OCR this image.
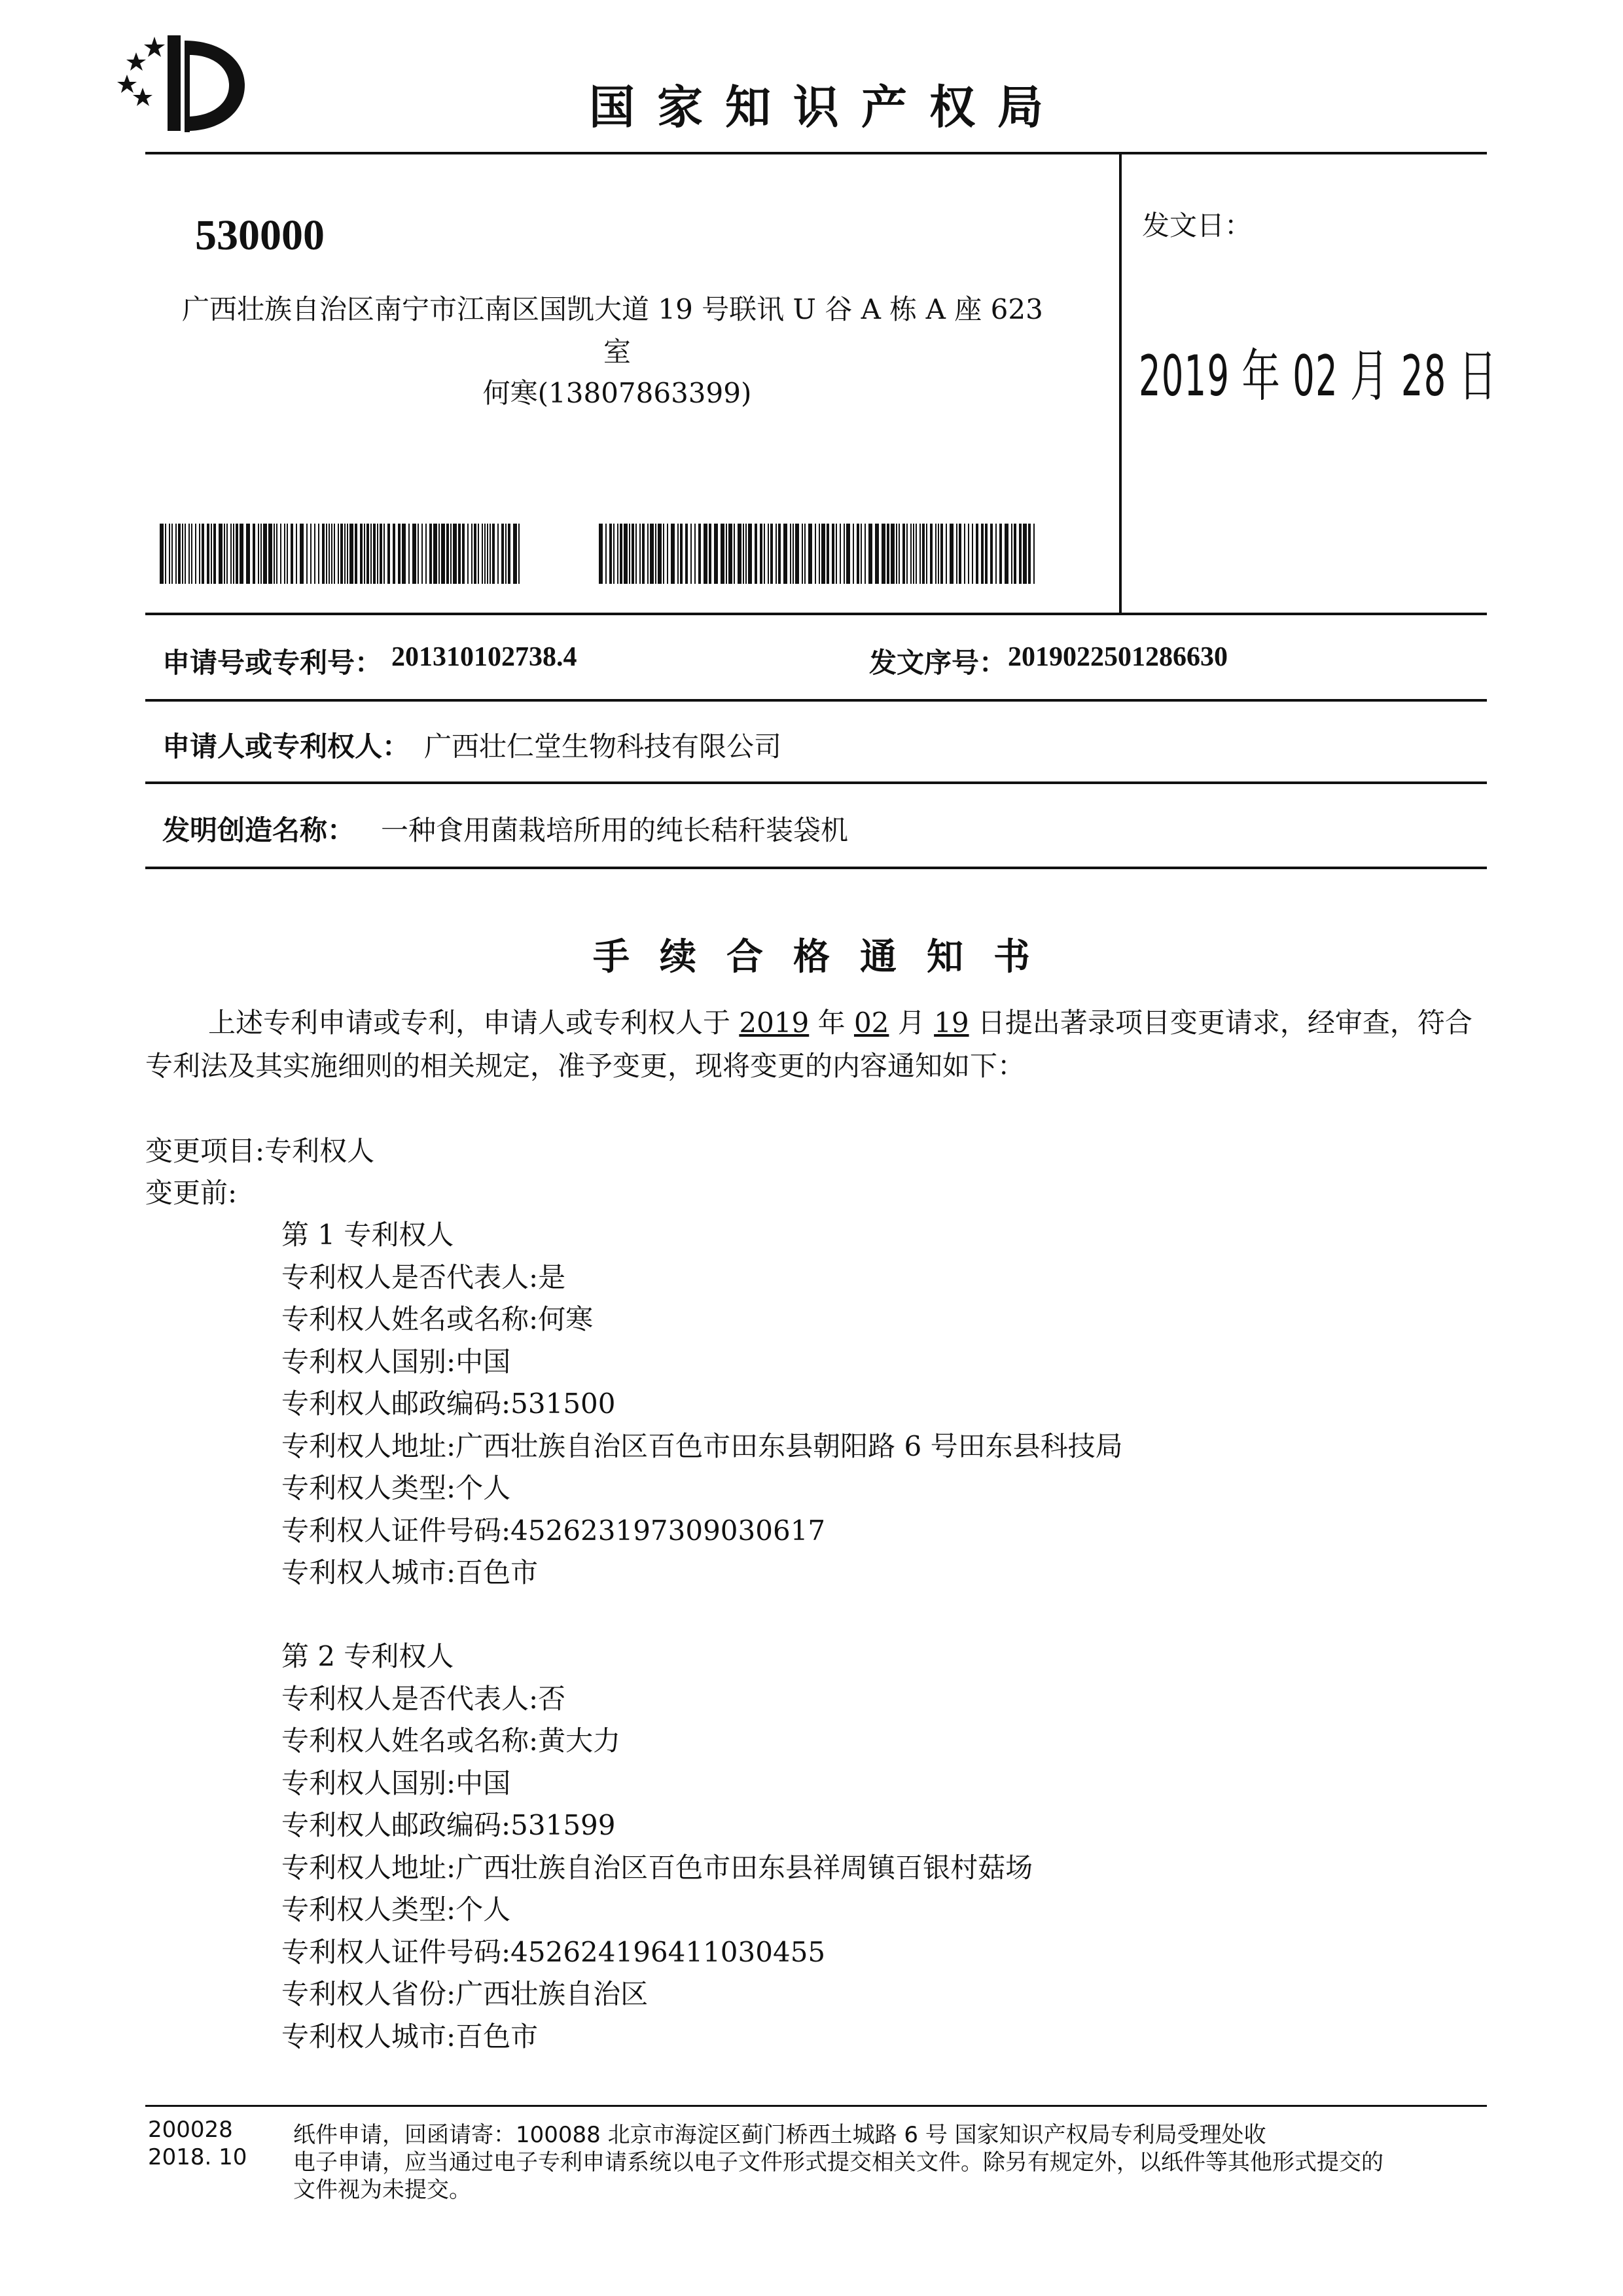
国家知识产权局
530000
广西壮族自治区南宁市江南区国凯大道 19 号联讯 U 谷 A 栋 A 座 623
室
何寒(13807863399)
发文日：
2019 年 02 月 28 日
申请号或专利号： 201310102738.4	发文序号： 2019022501286630
申请人或专利权人： 广西壮仁堂生物科技有限公司
发明创造名称： 一种食用菌栽培所用的纯长秸秆装袋机
手续合格通知书
上述专利申请或专利，申请人或专利权人于 2019 年 02 月 19 日提出著录项目变更请求，经审查，符合专利法及其实施细则的相关规定，准予变更，现将变更的内容通知如下：
变更项目:专利权人
变更前:
第 1 专利权人
专利权人是否代表人:是
专利权人姓名或名称:何寒
专利权人国别:中国
专利权人邮政编码:531500
专利权人地址:广西壮族自治区百色市田东县朝阳路 6 号田东县科技局
专利权人类型:个人
专利权人证件号码:452623197309030617
专利权人城市:百色市
第 2 专利权人
专利权人是否代表人:否
专利权人姓名或名称:黄大力
专利权人国别:中国
专利权人邮政编码:531599
专利权人地址:广西壮族自治区百色市田东县祥周镇百银村菇场
专利权人类型:个人
专利权人证件号码:452624196411030455
专利权人省份:广西壮族自治区
专利权人城市:百色市
200028
2018. 10
纸件申请，回函请寄：100088 北京市海淀区蓟门桥西土城路 6 号 国家知识产权局专利局受理处收
电子申请，应当通过电子专利申请系统以电子文件形式提交相关文件。除另有规定外，以纸件等其他形式提交的
文件视为未提交。
